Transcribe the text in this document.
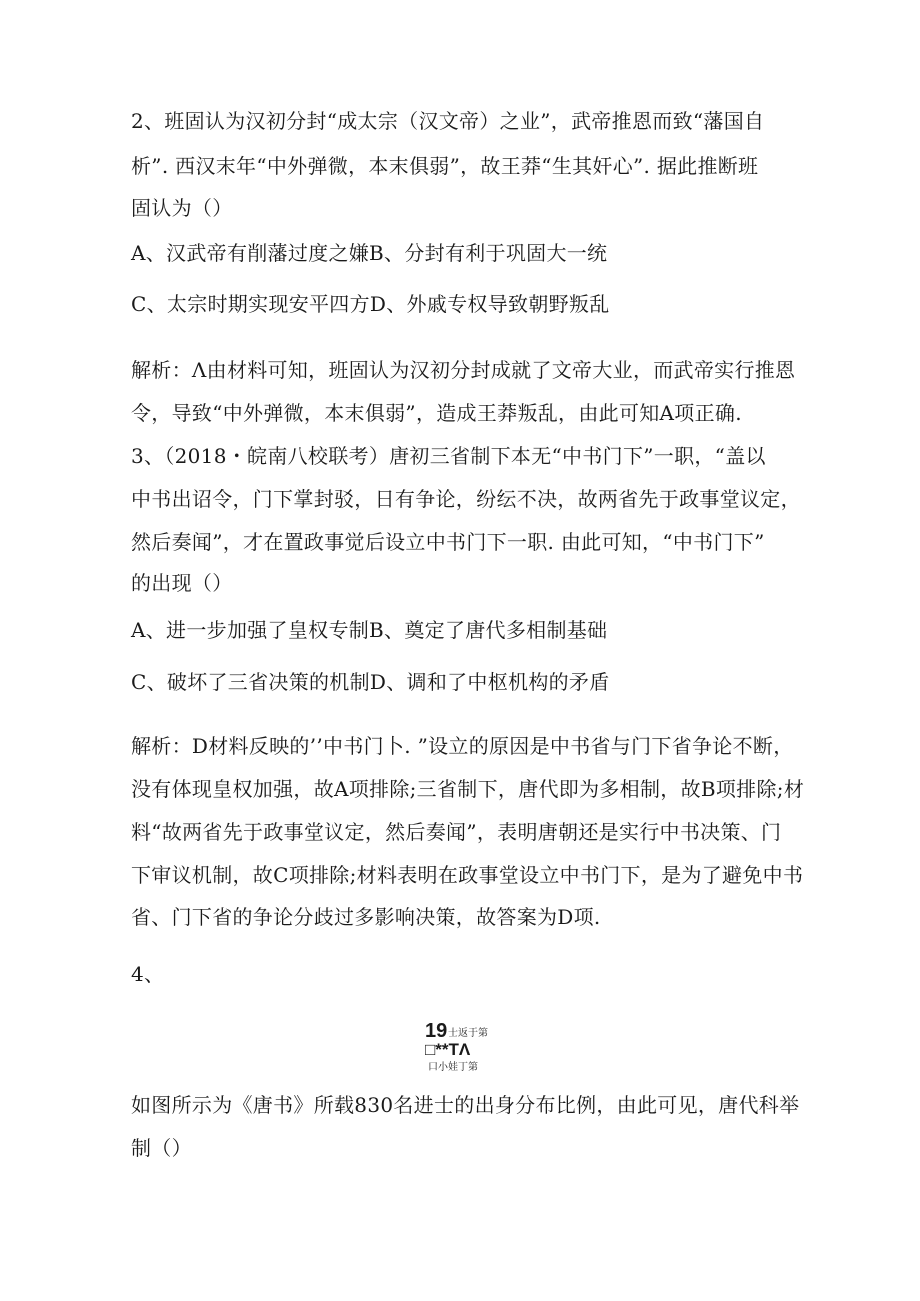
2、班固认为汉初分封“成太宗（汉文帝）之业”，武帝推恩而致“藩国自
析”. 西汉末年“中外弹微，本末俱弱”，故王莽“生其奸心”. 据此推断班
固认为（）
A、汉武帝有削藩过度之嫌B、分封有利于巩固大一统
C、太宗时期实现安平四方D、外戚专权导致朝野叛乱
解析：Λ由材料可知，班固认为汉初分封成就了文帝大业，而武帝实行推恩
令，导致“中外弹微，本末俱弱”，造成王莽叛乱，由此可知A项正确.
3、（2018・皖南八校联考）唐初三省制下本无“中书门下”一职，“盖以
中书出诏令，门下掌封驳，日有争论，纷纭不决，故两省先于政事堂议定，
然后奏闻”，才在置政事觉后设立中书门下一职. 由此可知，“中书门下”
的出现（）
A、进一步加强了皇权专制B、奠定了唐代多相制基础
C、破坏了三省决策的机制D、调和了中枢机构的矛盾
解析：D材料反映的’’中书门卜. ”设立的原因是中书省与门下省争论不断，
没有体现皇权加强，故A项排除;三省制下，唐代即为多相制，故B项排除;材
料“故两省先于政事堂议定，然后奏闻”，表明唐朝还是实行中书决策、门
下审议机制，故C项排除;材料表明在政事堂设立中书门下，是为了避免中书
省、门下省的争论分歧过多影响决策，故答案为D项.
4、
19 士返于第
□**TΛ
口小娃丁第
如图所示为《唐书》所载830名进士的出身分布比例，由此可见，唐代科举
制（）
